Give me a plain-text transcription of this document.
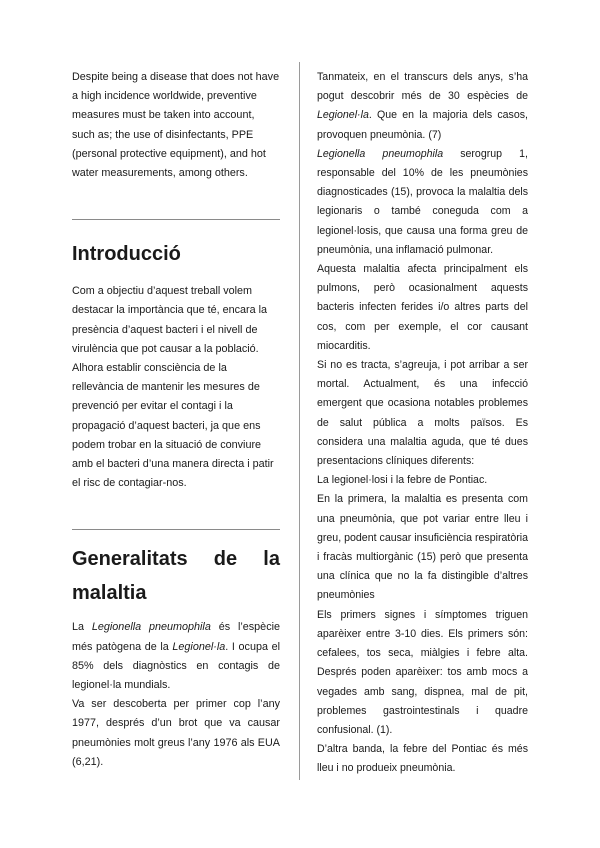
Despite being a disease that does not have a high incidence worldwide, preventive measures must be taken into account, such as; the use of disinfectants, PPE (personal protective equipment), and hot water measurements, among others.

Introducció

Com a objectiu d’aquest treball volem destacar la importància que té, encara la presència d’aquest bacteri i el nivell de virulència que pot causar a la població. Alhora establir consciència de la rellevància de mantenir les mesures de prevenció per evitar el contagi i la propagació d’aquest bacteri, ja que ens podem trobar en la situació de conviure amb el bacteri d’una manera directa i patir el risc de contagiar-nos.

Generalitats de la
malaltia

La Legionella pneumophila és l’espècie més patògena de la Legionel·la. I ocupa el 85% dels diagnòstics en contagis de legionel·la mundials.

Va ser descoberta per primer cop l’any 1977, després d’un brot que va causar pneumònies molt greus l’any 1976 als EUA (6,21).

Tanmateix, en el transcurs dels anys, s’ha pogut descobrir més de 30 espècies de Legionel·la. Que en la majoria dels casos, provoquen pneumònia. (7)

Legionella pneumophila serogrup 1, responsable del 10% de les pneumònies diagnosticades (15), provoca la malaltia dels legionaris o també coneguda com a legionel·losis, que causa una forma greu de pneumònia, una inflamació pulmonar.

Aquesta malaltia afecta principalment els pulmons, però ocasionalment aquests bacteris infecten ferides i/o altres parts del cos, com per exemple, el cor causant miocarditis.

Si no es tracta, s’agreuja, i pot arribar a ser mortal. Actualment, és una infecció emergent que ocasiona notables problemes de salut pública a molts països. Es considera una malaltia aguda, que té dues presentacions clíniques diferents:

La legionel·losi i la febre de Pontiac.

En la primera, la malaltia es presenta com una pneumònia, que pot variar entre lleu i greu, podent causar insuficiència respiratòria i fracàs multiorgànic (15) però que presenta una clínica que no la fa distingible d’altres pneumònies

Els primers signes i símptomes triguen aparèixer entre 3-10 dies. Els primers són: cefalees, tos seca, miàlgies i febre alta. Després poden aparèixer: tos amb mocs a vegades amb sang, dispnea, mal de pit, problemes gastrointestinals i quadre confusional. (1).

D’altra banda, la febre del Pontiac és més lleu i no produeix pneumònia.
